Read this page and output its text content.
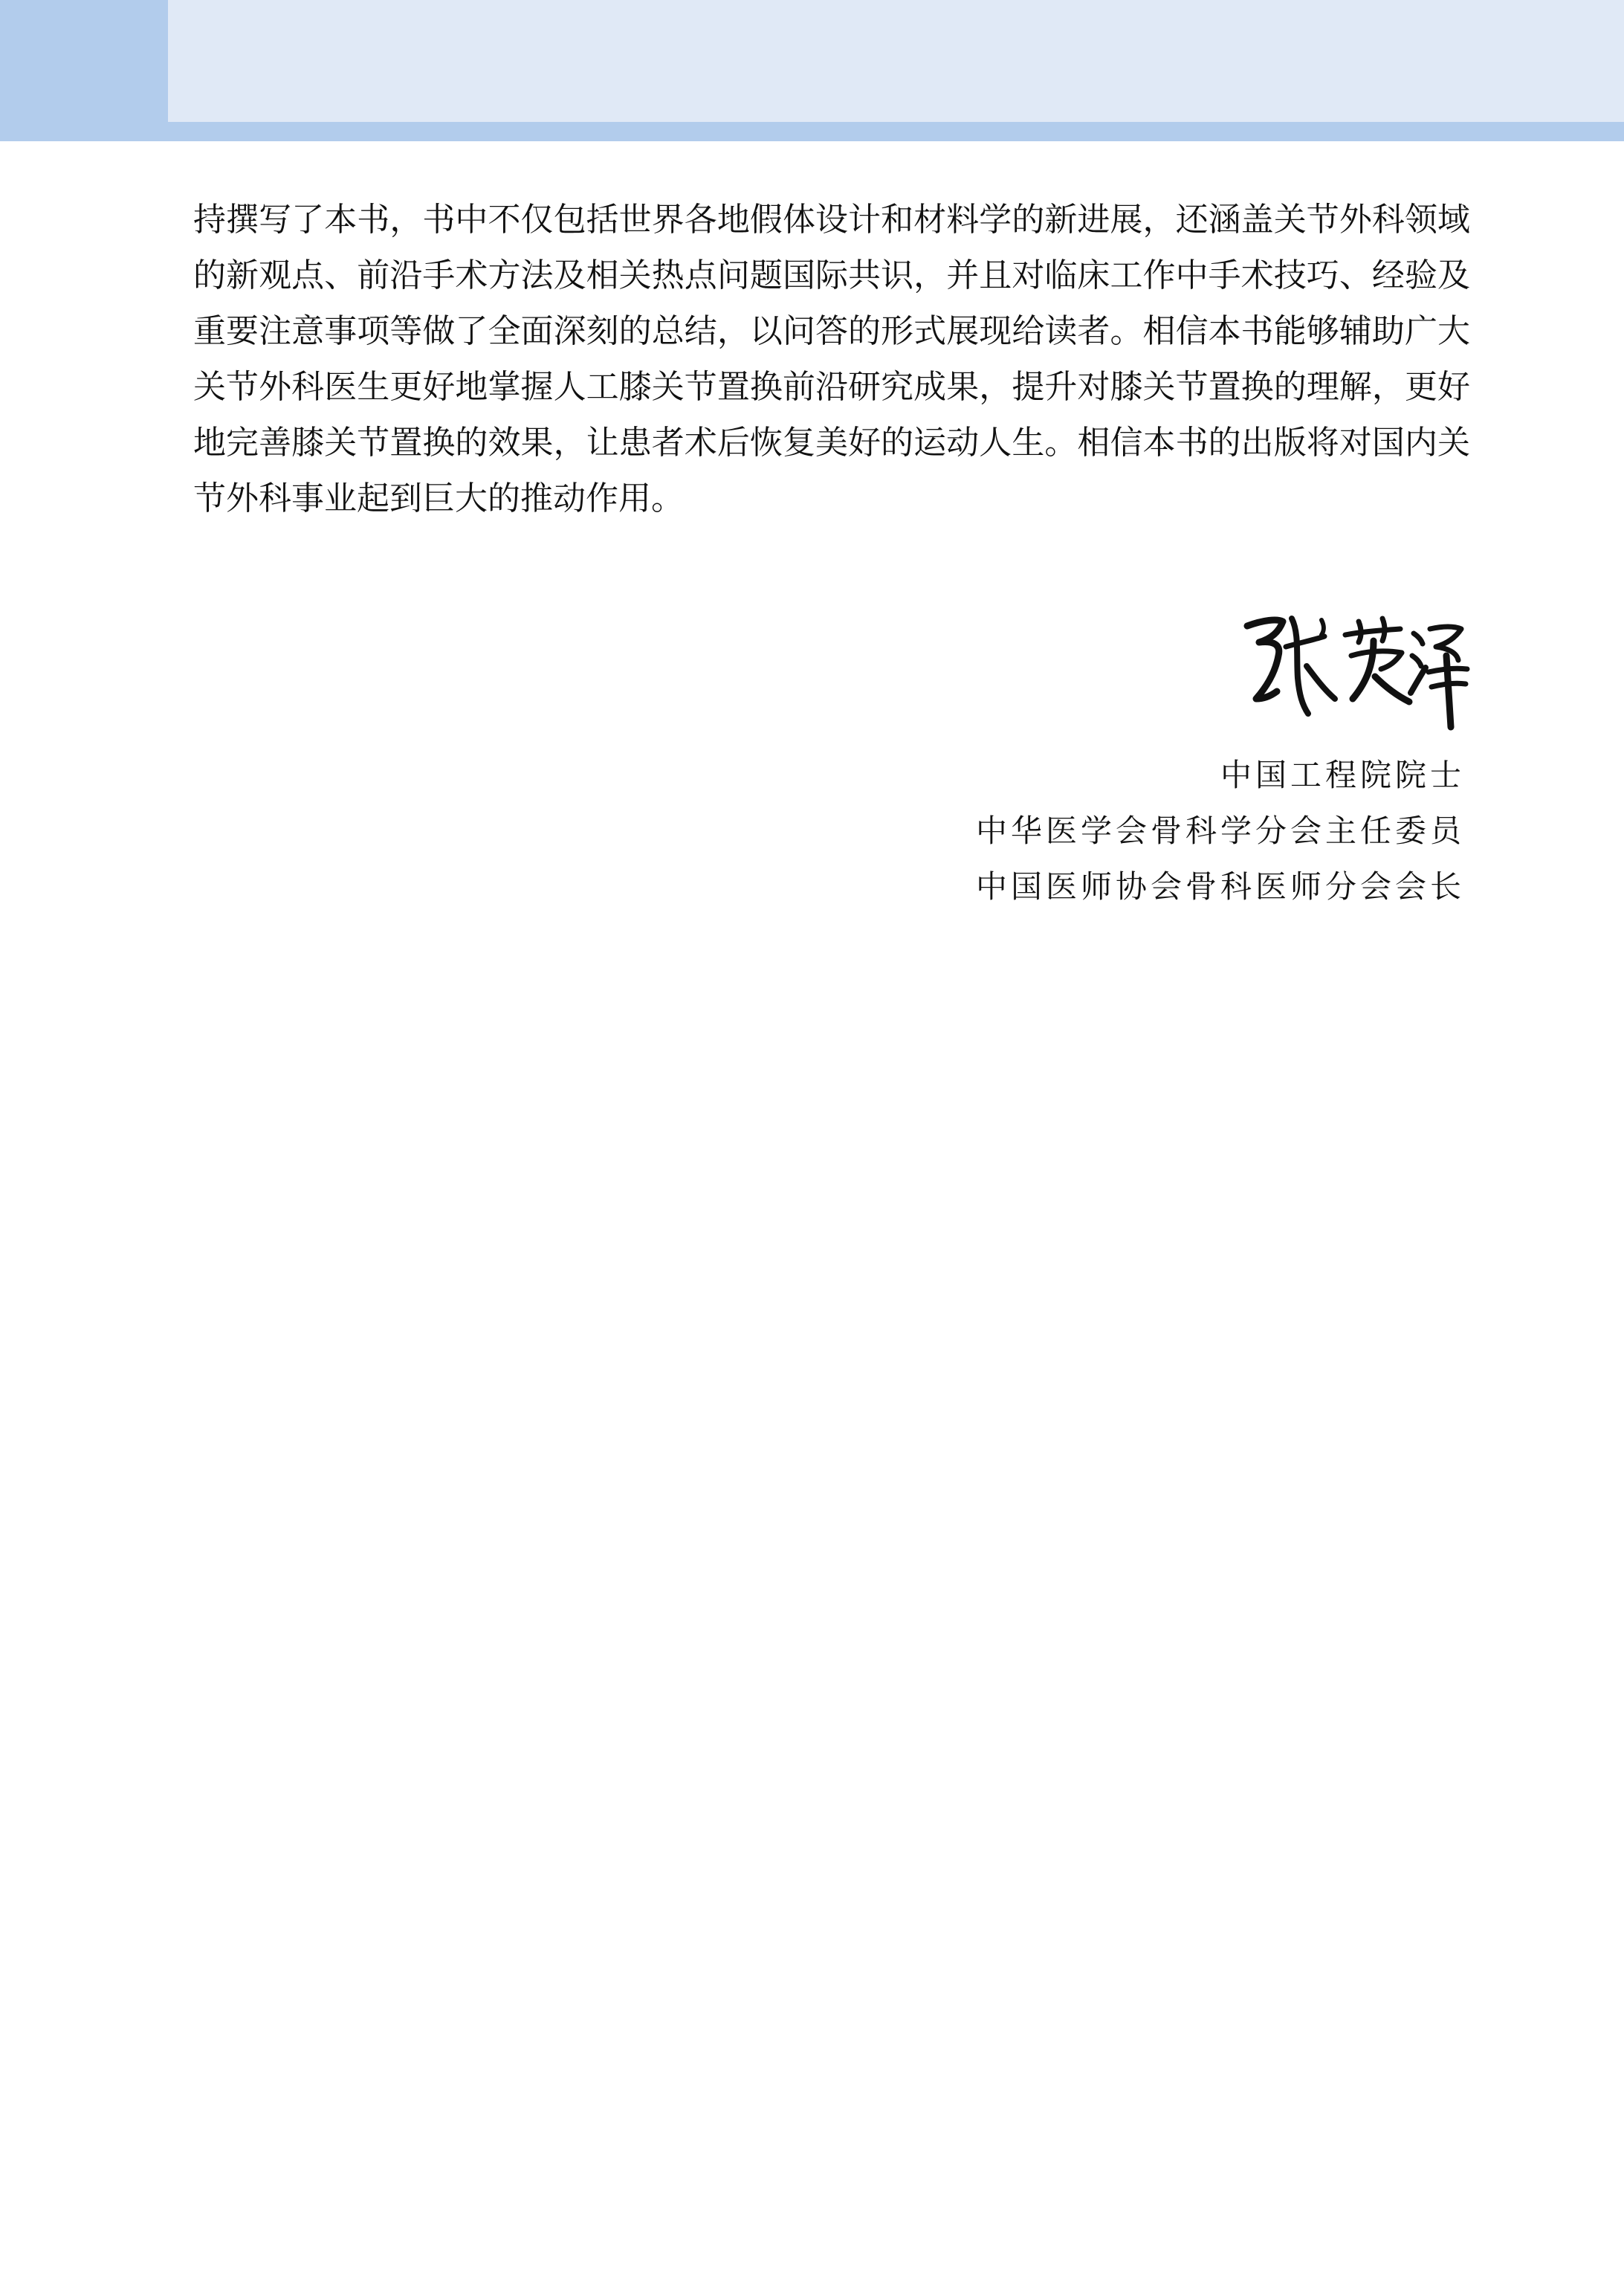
持撰写了本书，书中不仅包括世界各地假体设计和材料学的新进展，还涵盖关节外科领域
的新观点、前沿手术方法及相关热点问题国际共识，并且对临床工作中手术技巧、经验及
重要注意事项等做了全面深刻的总结，以问答的形式展现给读者。相信本书能够辅助广大
关节外科医生更好地掌握人工膝关节置换前沿研究成果，提升对膝关节置换的理解，更好
地完善膝关节置换的效果，让患者术后恢复美好的运动人生。相信本书的出版将对国内关
节外科事业起到巨大的推动作用。
中国工程院院士
中华医学会骨科学分会主任委员
中国医师协会骨科医师分会会长
